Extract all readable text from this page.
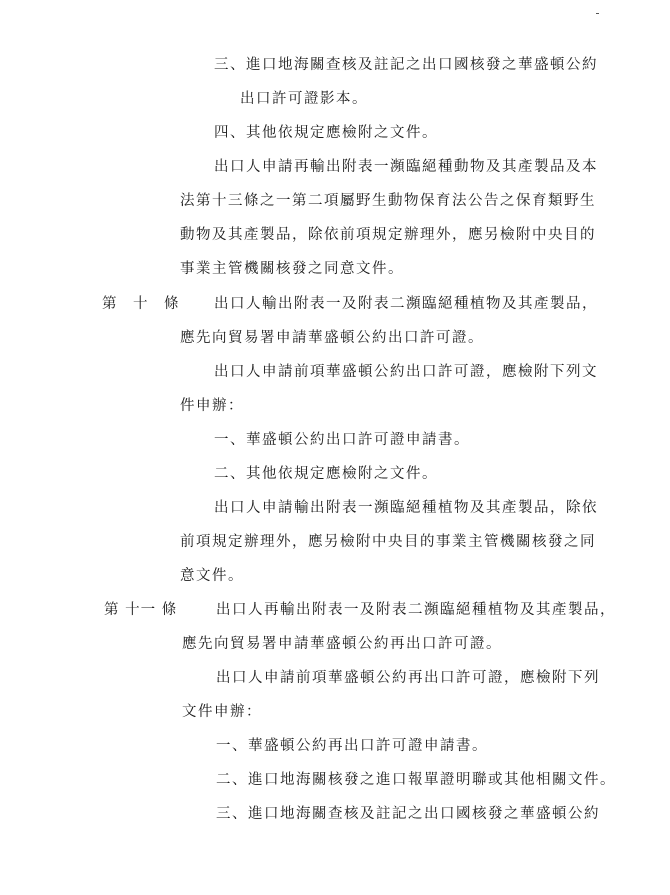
三、進口地海關查核及註記之出口國核發之華盛頓公約
出口許可證影本。
四、其他依規定應檢附之文件。
出口人申請再輸出附表一瀕臨絕種動物及其產製品及本
法第十三條之一第二項屬野生動物保育法公告之保育類野生
動物及其產製品，除依前項規定辦理外，應另檢附中央目的
事業主管機關核發之同意文件。
第　十　條 出口人輸出附表一及附表二瀕臨絕種植物及其產製品，
應先向貿易署申請華盛頓公約出口許可證。
出口人申請前項華盛頓公約出口許可證，應檢附下列文
件申辦：
一、華盛頓公約出口許可證申請書。
二、其他依規定應檢附之文件。
出口人申請輸出附表一瀕臨絕種植物及其產製品，除依
前項規定辦理外，應另檢附中央目的事業主管機關核發之同
意文件。
第 十一 條	出口人再輸出附表一及附表二瀕臨絕種植物及其產製品，
應先向貿易署申請華盛頓公約再出口許可證。
出口人申請前項華盛頓公約再出口許可證，應檢附下列
文件申辦：
一、華盛頓公約再出口許可證申請書。
二、進口地海關核發之進口報單證明聯或其他相關文件。
三、進口地海關查核及註記之出口國核發之華盛頓公約
